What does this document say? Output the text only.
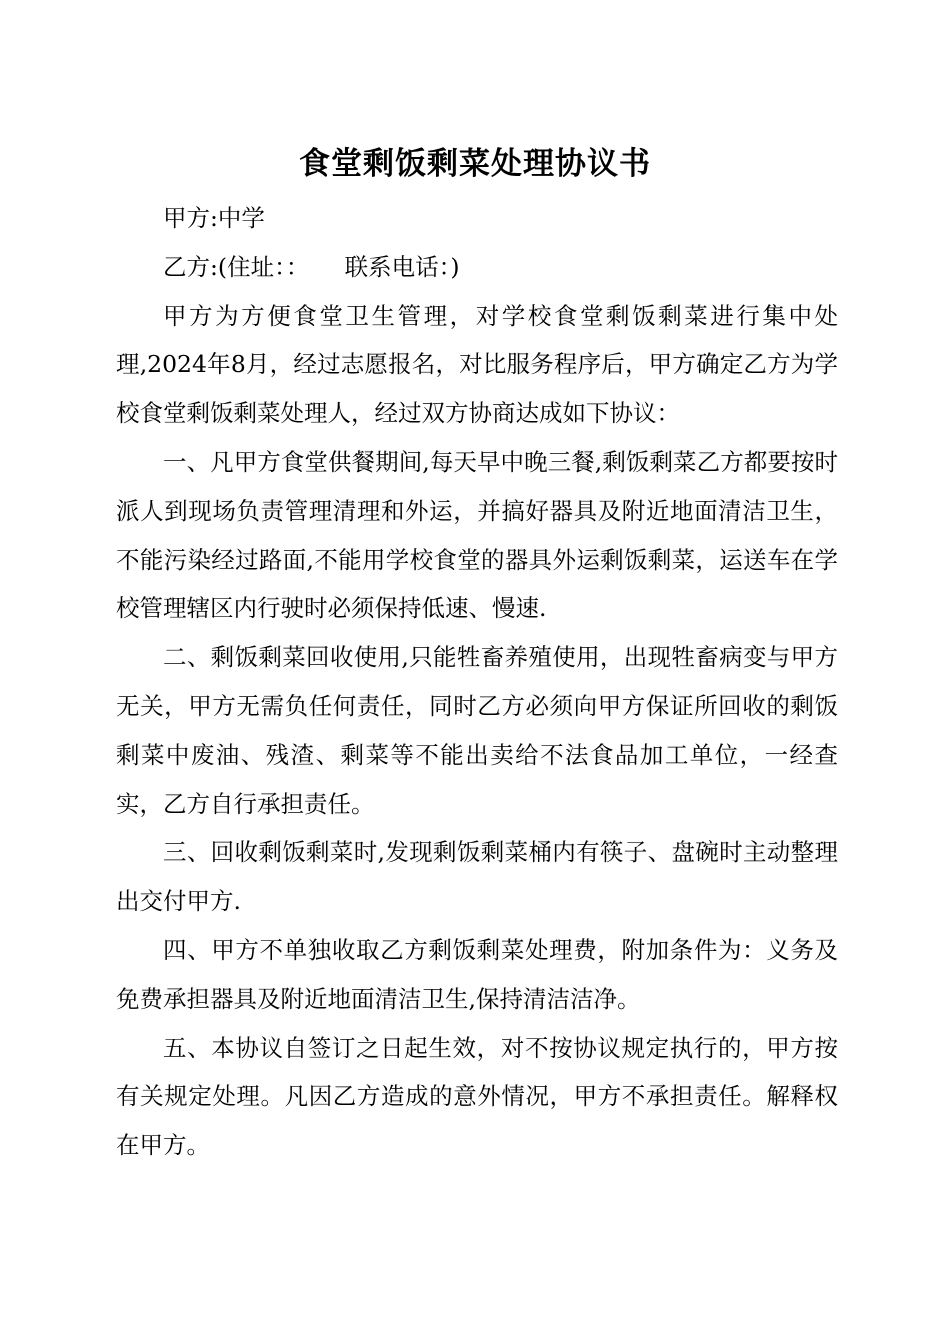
食堂剩饭剩菜处理协议书

甲方:中学

乙方:(住址：：　　联系电话：)

甲方为方便食堂卫生管理，对学校食堂剩饭剩菜进行集中处理,2024年8月，经过志愿报名，对比服务程序后，甲方确定乙方为学校食堂剩饭剩菜处理人，经过双方协商达成如下协议：

一、凡甲方食堂供餐期间,每天早中晚三餐,剩饭剩菜乙方都要按时派人到现场负责管理清理和外运，并搞好器具及附近地面清洁卫生，不能污染经过路面,不能用学校食堂的器具外运剩饭剩菜，运送车在学校管理辖区内行驶时必须保持低速、慢速.

二、剩饭剩菜回收使用,只能牲畜养殖使用，出现牲畜病变与甲方无关，甲方无需负任何责任，同时乙方必须向甲方保证所回收的剩饭剩菜中废油、残渣、剩菜等不能出卖给不法食品加工单位，一经查实，乙方自行承担责任。

三、回收剩饭剩菜时,发现剩饭剩菜桶内有筷子、盘碗时主动整理出交付甲方.

四、甲方不单独收取乙方剩饭剩菜处理费，附加条件为：义务及免费承担器具及附近地面清洁卫生,保持清洁洁净。

五、本协议自签订之日起生效，对不按协议规定执行的，甲方按有关规定处理。凡因乙方造成的意外情况，甲方不承担责任。解释权在甲方。
